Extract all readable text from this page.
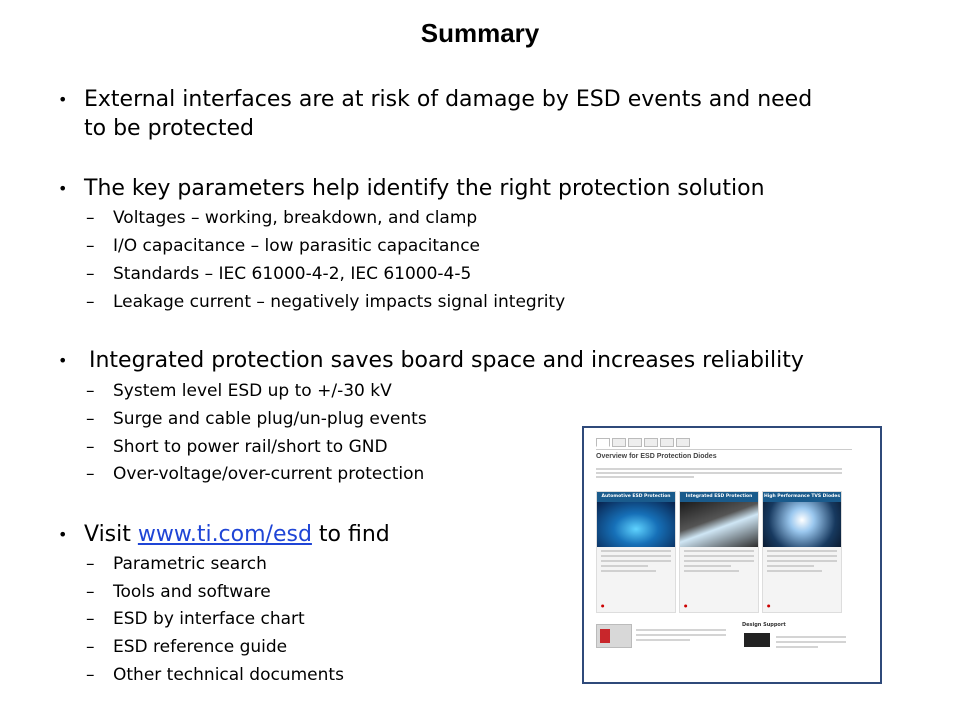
Summary
• External interfaces are at risk of damage by ESD events and need
to be protected
• The key parameters help identify the right protection solution
– Voltages – working, breakdown, and clamp
– I/O capacitance – low parasitic capacitance
– Standards – IEC 61000-4-2, IEC 61000-4-5
– Leakage current – negatively impacts signal integrity
• Integrated protection saves board space and increases reliability
– System level ESD up to +/-30 kV
– Surge and cable plug/un-plug events
– Short to power rail/short to GND
– Over-voltage/over-current protection
• Visit www.ti.com/esd to find
– Parametric search
– Tools and software
– ESD by interface chart
– ESD reference guide
– Other technical documents
Overview for ESD Protection Diodes
Automotive ESD Protection
●
Integrated ESD Protection
●
High Performance TVS Diodes
●
Design Support
